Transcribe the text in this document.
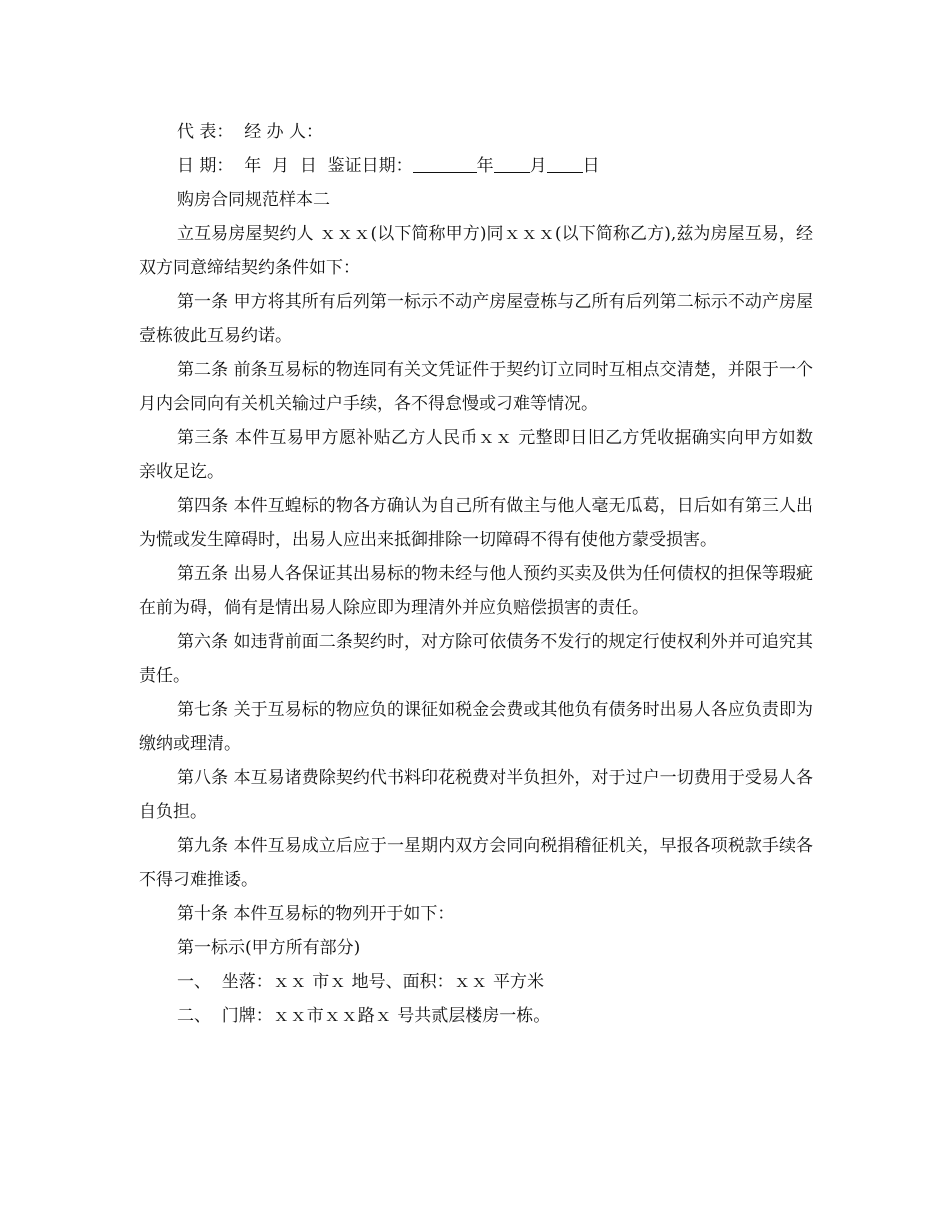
代 表：  经 办 人：

日 期：  年  月  日  鉴证日期：	年 月 日

购房合同规范样本二

立互易房屋契约人 ｘｘｘ(以下简称甲方)同ｘｘｘ(以下简称乙方),兹为房屋互易，经双方同意缔结契约条件如下：

第一条 甲方将其所有后列第一标示不动产房屋壹栋与乙所有后列第二标示不动产房屋壹栋彼此互易约诺。

第二条 前条互易标的物连同有关文凭证件于契约订立同时互相点交清楚，并限于一个月内会同向有关机关输过户手续，各不得怠慢或刁难等情况。

第三条 本件互易甲方愿补贴乙方人民币ｘｘ 元整即日旧乙方凭收据确实向甲方如数亲收足讫。

第四条 本件互蝗标的物各方确认为自己所有做主与他人毫无瓜葛，日后如有第三人出为慌或发生障碍时，出易人应出来抵御排除一切障碍不得有使他方蒙受损害。

第五条 出易人各保证其出易标的物未经与他人预约买卖及供为任何债权的担保等瑕疵在前为碍，倘有是情出易人除应即为理清外并应负赔偿损害的责任。

第六条 如违背前面二条契约时，对方除可依债务不发行的规定行使权利外并可追究其责任。

第七条 关于互易标的物应负的课征如税金会费或其他负有债务时出易人各应负责即为缴纳或理清。

第八条 本互易诸费除契约代书料印花税费对半负担外，对于过户一切费用于受易人各自负担。

第九条 本件互易成立后应于一星期内双方会同向税捐稽征机关，早报各项税款手续各不得刁难推诿。

第十条 本件互易标的物列开于如下：

第一标示(甲方所有部分)

一、  坐落：ｘｘ 市ｘ 地号、面积：ｘｘ 平方米

二、  门牌：ｘｘ市ｘｘ路ｘ 号共贰层楼房一栋。
